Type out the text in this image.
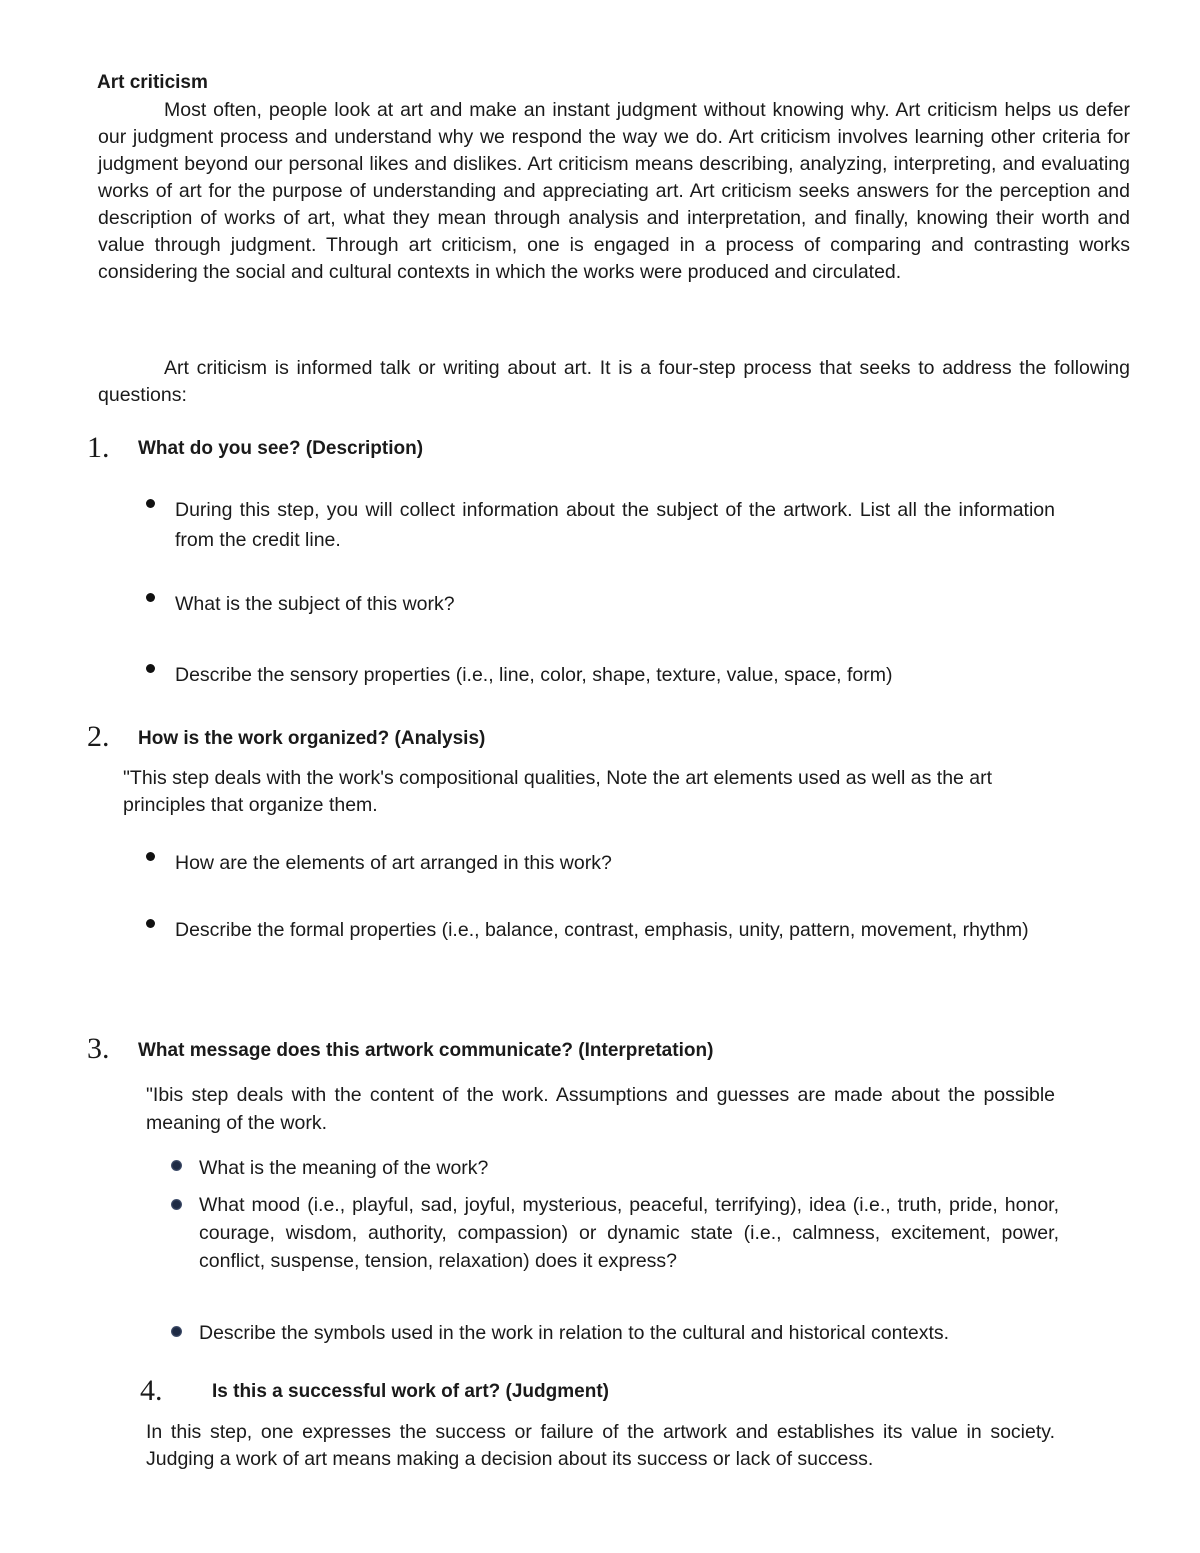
Art criticism

Most often, people look at art and make an instant judgment without knowing why. Art criticism helps us defer our judgment process and understand why we respond the way we do. Art criticism involves learning other criteria for judgment beyond our personal likes and dislikes. Art criticism means describing, analyzing, interpreting, and evaluating works of art for the purpose of understanding and appreciating art. Art criticism seeks answers for the perception and description of works of art, what they mean through analysis and interpretation, and finally, knowing their worth and value through judgment. Through art criticism, one is engaged in a process of comparing and contrasting works considering the social and cultural contexts in which the works were produced and circulated.

Art criticism is informed talk or writing about art. It is a four-step process that seeks to address the following questions:

1. What do you see? (Description)

During this step, you will collect information about the subject of the artwork. List all the information from the credit line.

What is the subject of this work?

Describe the sensory properties (i.e., line, color, shape, texture, value, space, form)

2. How is the work organized? (Analysis)

"This step deals with the work's compositional qualities, Note the art elements used as well as the art principles that organize them.

How are the elements of art arranged in this work?

Describe the formal properties (i.e., balance, contrast, emphasis, unity, pattern, movement, rhythm)

3. What message does this artwork communicate? (Interpretation)

"Ibis step deals with the content of the work. Assumptions and guesses are made about the possible meaning of the work.

What is the meaning of the work?

What mood (i.e., playful, sad, joyful, mysterious, peaceful, terrifying), idea (i.e., truth, pride, honor, courage, wisdom, authority, compassion) or dynamic state (i.e., calmness, excitement, power, conflict, suspense, tension, relaxation) does it express?

Describe the symbols used in the work in relation to the cultural and historical contexts.

4.	Is this a successful work of art? (Judgment)

In this step, one expresses the success or failure of the artwork and establishes its value in society. Judging a work of art means making a decision about its success or lack of success.
